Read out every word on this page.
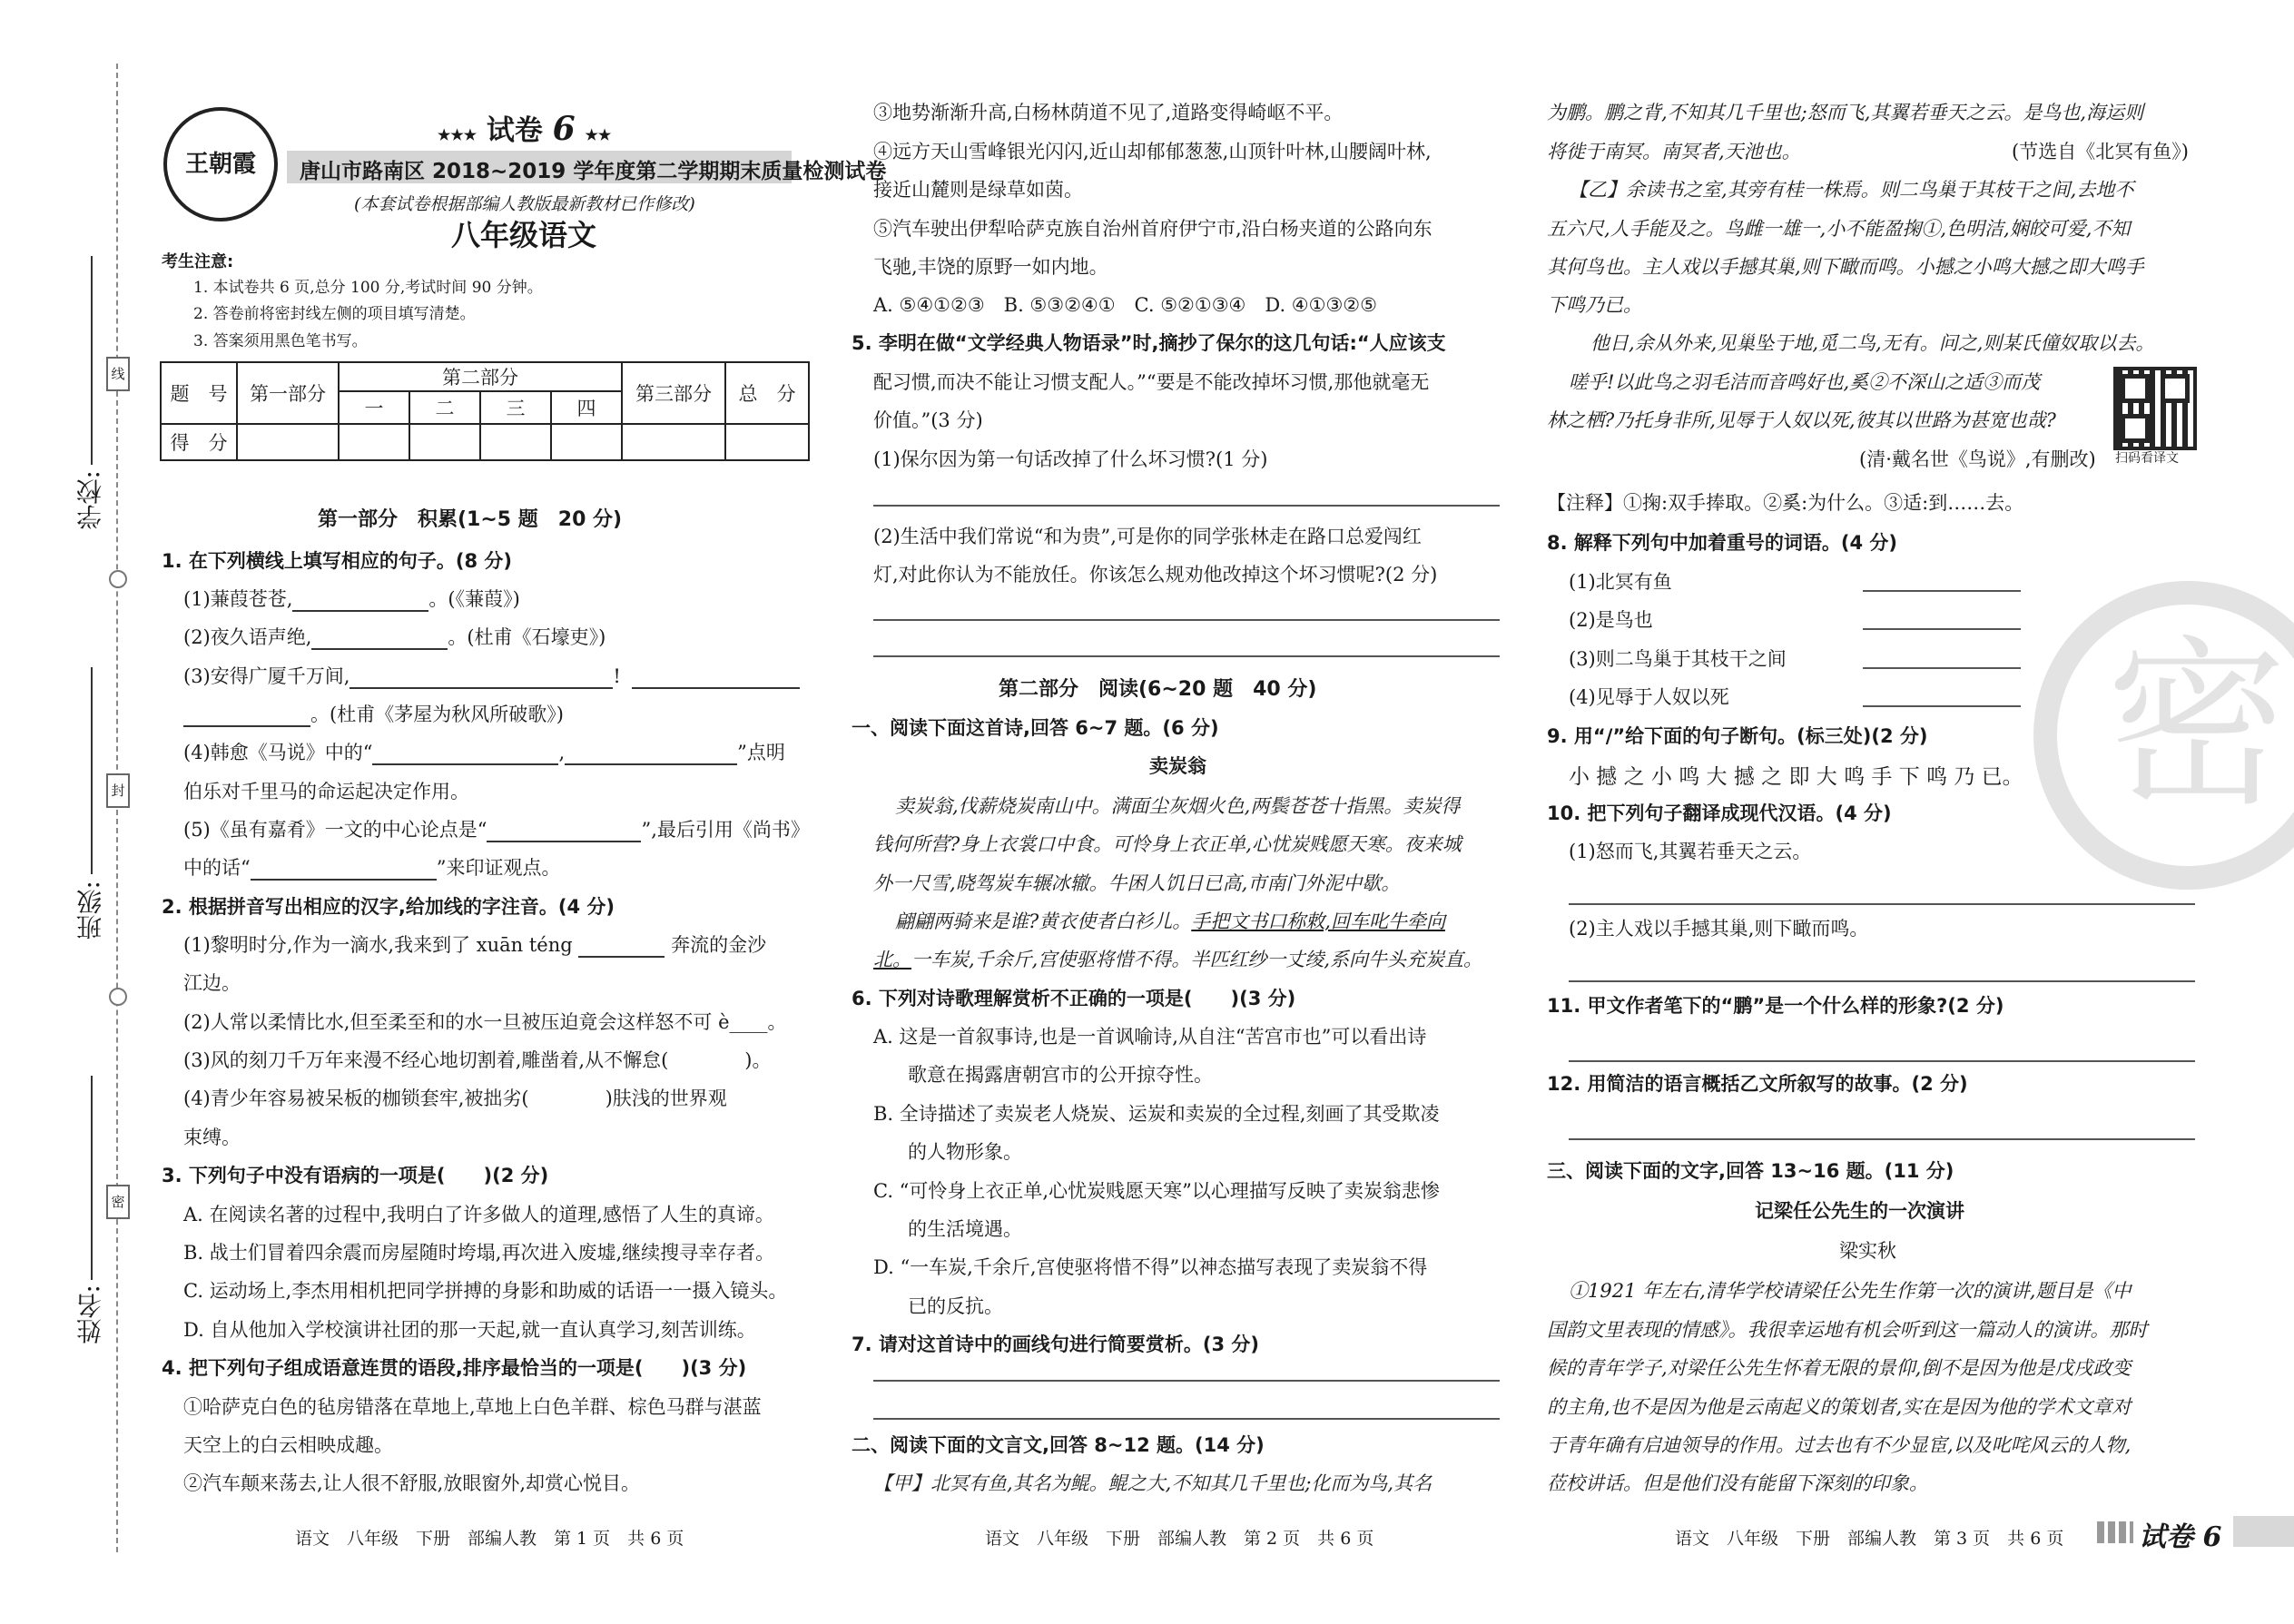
线
封
密
学校:
班级:
姓名:
王朝霞
★★★ 试卷 6 ★★
唐山市路南区 2018~2019 学年度第二学期期末质量检测试卷
(本套试卷根据部编人教版最新教材已作修改)
八年级语文
考生注意:
1. 本试卷共 6 页,总分 100 分,考试时间 90 分钟。
2. 答卷前将密封线左侧的项目填写清楚。
3. 答案须用黑色笔书写。
题　号	第一部分	第二部分				第三部分	总　分
		一	二	三	四		
得　分							
第一部分　积累(1~5 题　20 分)
1. 在下列横线上填写相应的句子。(8 分)
(1)蒹葭苍苍,	。(《蒹葭》)
(2)夜久语声绝,	。(杜甫《石壕吏》)
(3)安得广厦千万间,	!
。(杜甫《茅屋为秋风所破歌》)
(4)韩愈《马说》中的“	,	”点明
伯乐对千里马的命运起决定作用。
(5)《虽有嘉肴》一文的中心论点是“	”,最后引用《尚书》
中的话“	”来印证观点。
2. 根据拼音写出相应的汉字,给加线的字注音。(4 分)
(1)黎明时分,作为一滴水,我来到了 xuān téng	奔流的金沙
江边。
(2)人常以柔情比水,但至柔至和的水一旦被压迫竟会这样怒不可 è____。
(3)风的刻刀千万年来漫不经心地切割着,雕凿着,从不懈怠(　　　　)。
(4)青少年容易被呆板的枷锁套牢,被拙劣(　　　　)肤浅的世界观
束缚。
3. 下列句子中没有语病的一项是(　　)(2 分)
A. 在阅读名著的过程中,我明白了许多做人的道理,感悟了人生的真谛。
B. 战士们冒着四余震而房屋随时垮塌,再次进入废墟,继续搜寻幸存者。
C. 运动场上,李杰用相机把同学拼搏的身影和助威的话语一一摄入镜头。
D. 自从他加入学校演讲社团的那一天起,就一直认真学习,刻苦训练。
4. 把下列句子组成语意连贯的语段,排序最恰当的一项是(　　)(3 分)
①哈萨克白色的毡房错落在草地上,草地上白色羊群、棕色马群与湛蓝
天空上的白云相映成趣。
②汽车颠来荡去,让人很不舒服,放眼窗外,却赏心悦目。
语文　八年级　下册　部编人教　第 1 页　共 6 页
③地势渐渐升高,白杨林荫道不见了,道路变得崎岖不平。
④远方天山雪峰银光闪闪,近山却郁郁葱葱,山顶针叶林,山腰阔叶林,
接近山麓则是绿草如茵。
⑤汽车驶出伊犁哈萨克族自治州首府伊宁市,沿白杨夹道的公路向东
飞驰,丰饶的原野一如内地。
A. ⑤④①②③　B. ⑤③②④①　C. ⑤②①③④　D. ④①③②⑤
5. 李明在做“文学经典人物语录”时,摘抄了保尔的这几句话:“人应该支
配习惯,而决不能让习惯支配人。”“要是不能改掉坏习惯,那他就毫无
价值。”(3 分)
(1)保尔因为第一句话改掉了什么坏习惯?(1 分)
(2)生活中我们常说“和为贵”,可是你的同学张林走在路口总爱闯红
灯,对此你认为不能放任。你该怎么规劝他改掉这个坏习惯呢?(2 分)
第二部分　阅读(6~20 题　40 分)
一、阅读下面这首诗,回答 6~7 题。(6 分)
卖炭翁
卖炭翁,伐薪烧炭南山中。满面尘灰烟火色,两鬓苍苍十指黑。卖炭得
钱何所营?身上衣裳口中食。可怜身上衣正单,心忧炭贱愿天寒。夜来城
外一尺雪,晓驾炭车辗冰辙。牛困人饥日已高,市南门外泥中歇。
翩翩两骑来是谁?黄衣使者白衫儿。手把文书口称敕,回车叱牛牵向
北。一车炭,千余斤,宫使驱将惜不得。半匹红纱一丈绫,系向牛头充炭直。
6. 下列对诗歌理解赏析不正确的一项是(　　)(3 分)
A. 这是一首叙事诗,也是一首讽喻诗,从自注“苦宫市也”可以看出诗
歌意在揭露唐朝宫市的公开掠夺性。
B. 全诗描述了卖炭老人烧炭、运炭和卖炭的全过程,刻画了其受欺凌
的人物形象。
C. “可怜身上衣正单,心忧炭贱愿天寒”以心理描写反映了卖炭翁悲惨
的生活境遇。
D. “一车炭,千余斤,宫使驱将惜不得”以神态描写表现了卖炭翁不得
已的反抗。
7. 请对这首诗中的画线句进行简要赏析。(3 分)
二、阅读下面的文言文,回答 8~12 题。(14 分)
【甲】北冥有鱼,其名为鲲。鲲之大,不知其几千里也;化而为鸟,其名
语文　八年级　下册　部编人教　第 2 页　共 6 页
为鹏。鹏之背,不知其几千里也;怒而飞,其翼若垂天之云。是鸟也,海运则
将徙于南冥。南冥者,天池也。	(节选自《北冥有鱼》)
【乙】余读书之室,其旁有桂一株焉。则二鸟巢于其枝干之间,去地不
五六尺,人手能及之。鸟雌一雄一,小不能盈掬①,色明洁,娴皎可爱,不知
其何鸟也。主人戏以手撼其巢,则下瞰而鸣。小撼之小鸣大撼之即大鸣手
下鸣乃已。
他日,余从外来,见巢坠于地,觅二鸟,无有。问之,则某氏僮奴取以去。
嗟乎!以此鸟之羽毛洁而音鸣好也,奚②不深山之适③而茂
林之栖?乃托身非所,见辱于人奴以死,彼其以世路为甚宽也哉?
(清·戴名世《鸟说》,有删改) 扫码看译文
【注释】①掬:双手捧取。②奚:为什么。③适:到……去。
8. 解释下列句中加着重号的词语。(4 分)
(1)北冥有鱼
(2)是鸟也
(3)则二鸟巢于其枝干之间
(4)见辱于人奴以死 密
9. 用“/”给下面的句子断句。(标三处)(2 分)
小 撼 之 小 鸣 大 撼 之 即 大 鸣 手 下 鸣 乃 已。
10. 把下列句子翻译成现代汉语。(4 分)
(1)怒而飞,其翼若垂天之云。
(2)主人戏以手撼其巢,则下瞰而鸣。
11. 甲文作者笔下的“鹏”是一个什么样的形象?(2 分)
12. 用简洁的语言概括乙文所叙写的故事。(2 分)
三、阅读下面的文字,回答 13~16 题。(11 分)
记梁任公先生的一次演讲
梁实秋
①1921 年左右,清华学校请梁任公先生作第一次的演讲,题目是《中
国韵文里表现的情感》。我很幸运地有机会听到这一篇动人的演讲。那时
候的青年学子,对梁任公先生怀着无限的景仰,倒不是因为他是戊戌政变
的主角,也不是因为他是云南起义的策划者,实在是因为他的学术文章对
于青年确有启迪领导的作用。过去也有不少显宦,以及叱咤风云的人物,
莅校讲话。但是他们没有能留下深刻的印象。
语文　八年级　下册　部编人教　第 3 页　共 6 页	试卷 6
